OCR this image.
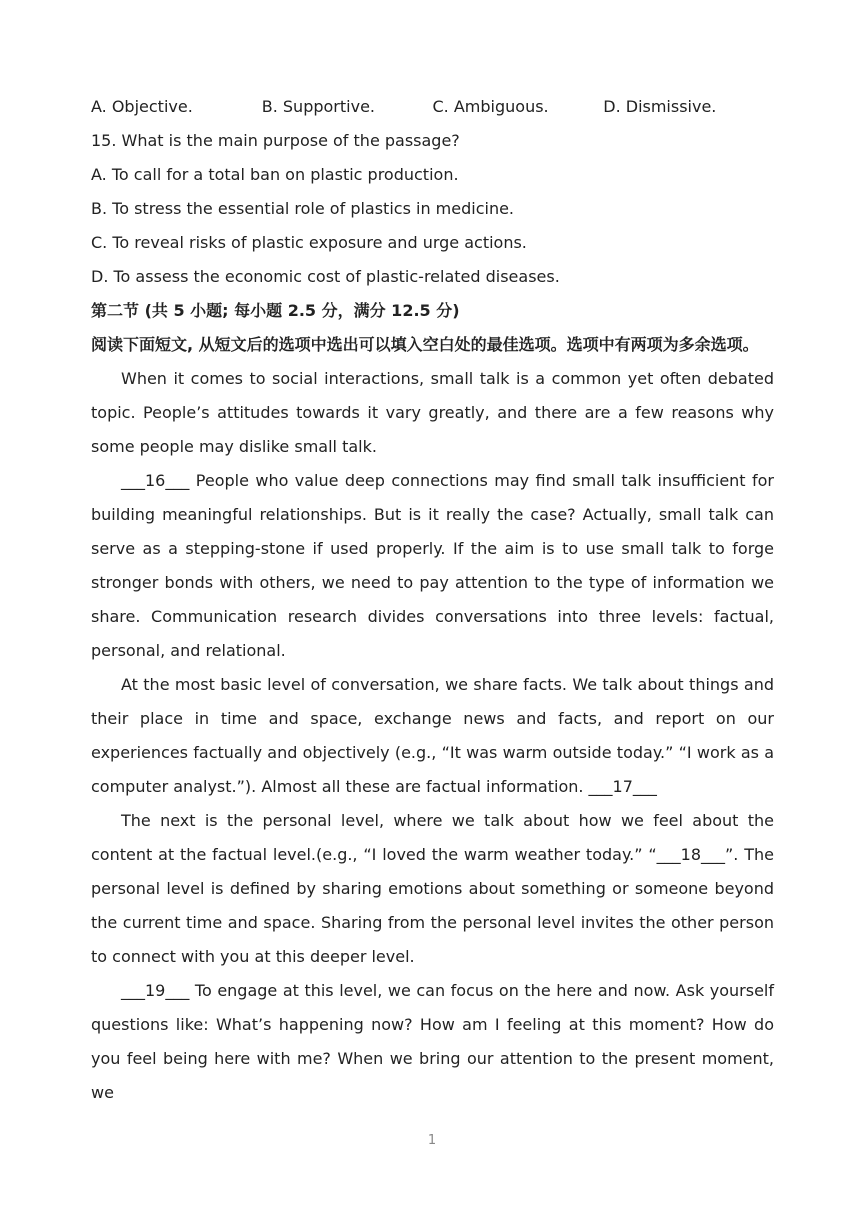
A. Objective.	B. Supportive.	C. Ambiguous.	D. Dismissive.
15. What is the main purpose of the passage?
A. To call for a total ban on plastic production.
B. To stress the essential role of plastics in medicine.
C. To reveal risks of plastic exposure and urge actions.
D. To assess the economic cost of plastic-related diseases.
第二节 (共 5 小题; 每小题 2.5 分，满分 12.5 分)
阅读下面短文, 从短文后的选项中选出可以填入空白处的最佳选项。选项中有两项为多余选项。

When it comes to social interactions, small talk is a common yet often debated topic. People’s attitudes towards it vary greatly, and there are a few reasons why some people may dislike small talk.

___16___ People who value deep connections may find small talk insufficient for building meaningful relationships. But is it really the case? Actually, small talk can serve as a stepping-stone if used properly. If the aim is to use small talk to forge stronger bonds with others, we need to pay attention to the type of information we share. Communication research divides conversations into three levels: factual, personal, and relational.

At the most basic level of conversation, we share facts. We talk about things and their place in time and space, exchange news and facts, and report on our experiences factually and objectively (e.g., “It was warm outside today.” “I work as a computer analyst.”). Almost all these are factual information. ___17___

The next is the personal level, where we talk about how we feel about the content at the factual level.(e.g., “I loved the warm weather today.” “___18___”. The personal level is defined by sharing emotions about something or someone beyond the current time and space. Sharing from the personal level invites the other person to connect with you at this deeper level.

___19___ To engage at this level, we can focus on the here and now. Ask yourself questions like: What’s happening now? How am I feeling at this moment? How do you feel being here with me? When we bring our attention to the present moment, we

1
